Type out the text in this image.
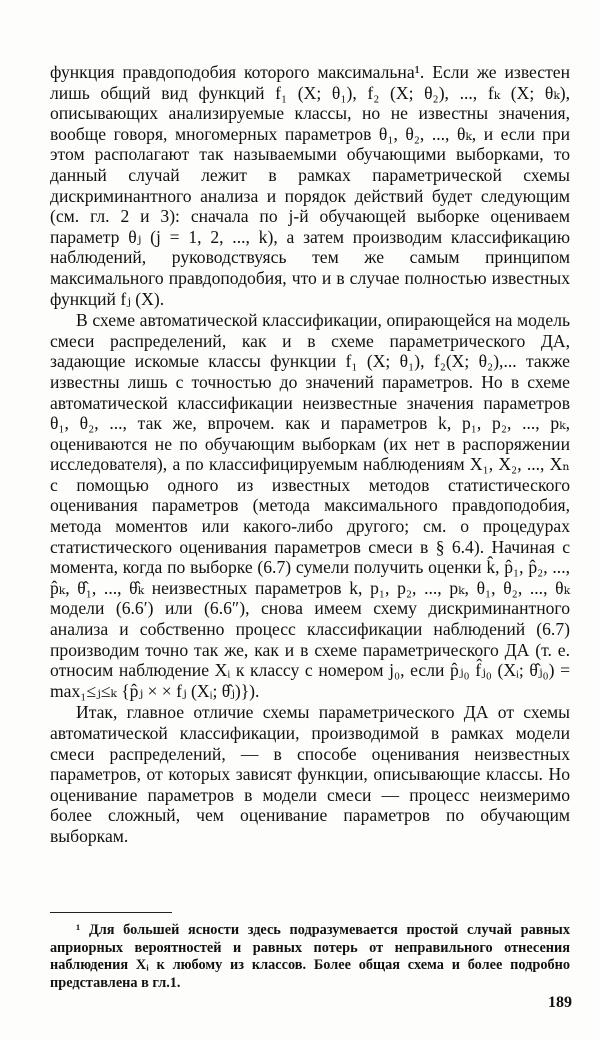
функция правдоподобия которого максимальна¹. Если же известен лишь общий вид функций f₁ (X; θ₁), f₂ (X; θ₂), ..., fₖ (X; θₖ), описывающих анализируемые классы, но не известны значения, вообще говоря, многомерных параметров θ₁, θ₂, ..., θₖ, и если при этом располагают так называемыми обучающими выборками, то данный случай лежит в рамках параметрической схемы дискриминантного анализа и порядок действий будет следующим (см. гл. 2 и 3): сначала по j-й обучающей выборке оцениваем параметр θⱼ (j = 1, 2, ..., k), а затем производим классификацию наблюдений, руководствуясь тем же самым принципом максимального правдоподобия, что и в случае полностью известных функций fⱼ (X).

В схеме автоматической классификации, опирающейся на модель смеси распределений, как и в схеме параметрического ДА, задающие искомые классы функции f₁ (X; θ₁), f₂(X; θ₂),... также известны лишь с точностью до значений параметров. Но в схеме автоматической классификации неизвестные значения параметров θ₁, θ₂, ..., так же, впрочем. как и параметров k, p₁, p₂, ..., pₖ, оцениваются не по обучающим выборкам (их нет в распоряжении исследователя), а по классифицируемым наблюдениям X₁, X₂, ..., Xₙ с помощью одного из известных методов статистического оценивания параметров (метода максимального правдоподобия, метода моментов или какого-либо другого; см. о процедурах статистического оценивания параметров смеси в § 6.4). Начиная с момента, когда по выборке (6.7) сумели получить оценки k̂, p̂₁, p̂₂, ..., p̂ₖ, θ̂₁, ..., θ̂ₖ неизвестных параметров k, p₁, p₂, ..., pₖ, θ₁, θ₂, ..., θₖ модели (6.6′) или (6.6″), снова имеем схему дискриминантного анализа и собственно процесс классификации наблюдений (6.7) производим точно так же, как и в схеме параметрического ДА (т. е. относим наблюдение Xᵢ к классу с номером j₀, если p̂ⱼ₀ f̂ⱼ₀ (Xᵢ; θ̂ⱼ₀) = max₁≤ⱼ≤ₖ {p̂ⱼ × × fⱼ (Xᵢ; θ̂ⱼ)}).

Итак, главное отличие схемы параметрического ДА от схемы автоматической классификации, производимой в рамках модели смеси распределений, — в способе оценивания неизвестных параметров, от которых зависят функции, описывающие классы. Но оценивание параметров в модели смеси — процесс неизмеримо более сложный, чем оценивание параметров по обучающим выборкам.

¹ Для большей ясности здесь подразумевается простой случай равных априорных вероятностей и равных потерь от неправильного отнесения наблюдения Xᵢ к любому из классов. Более общая схема и более подробно представлена в гл.1.

189
